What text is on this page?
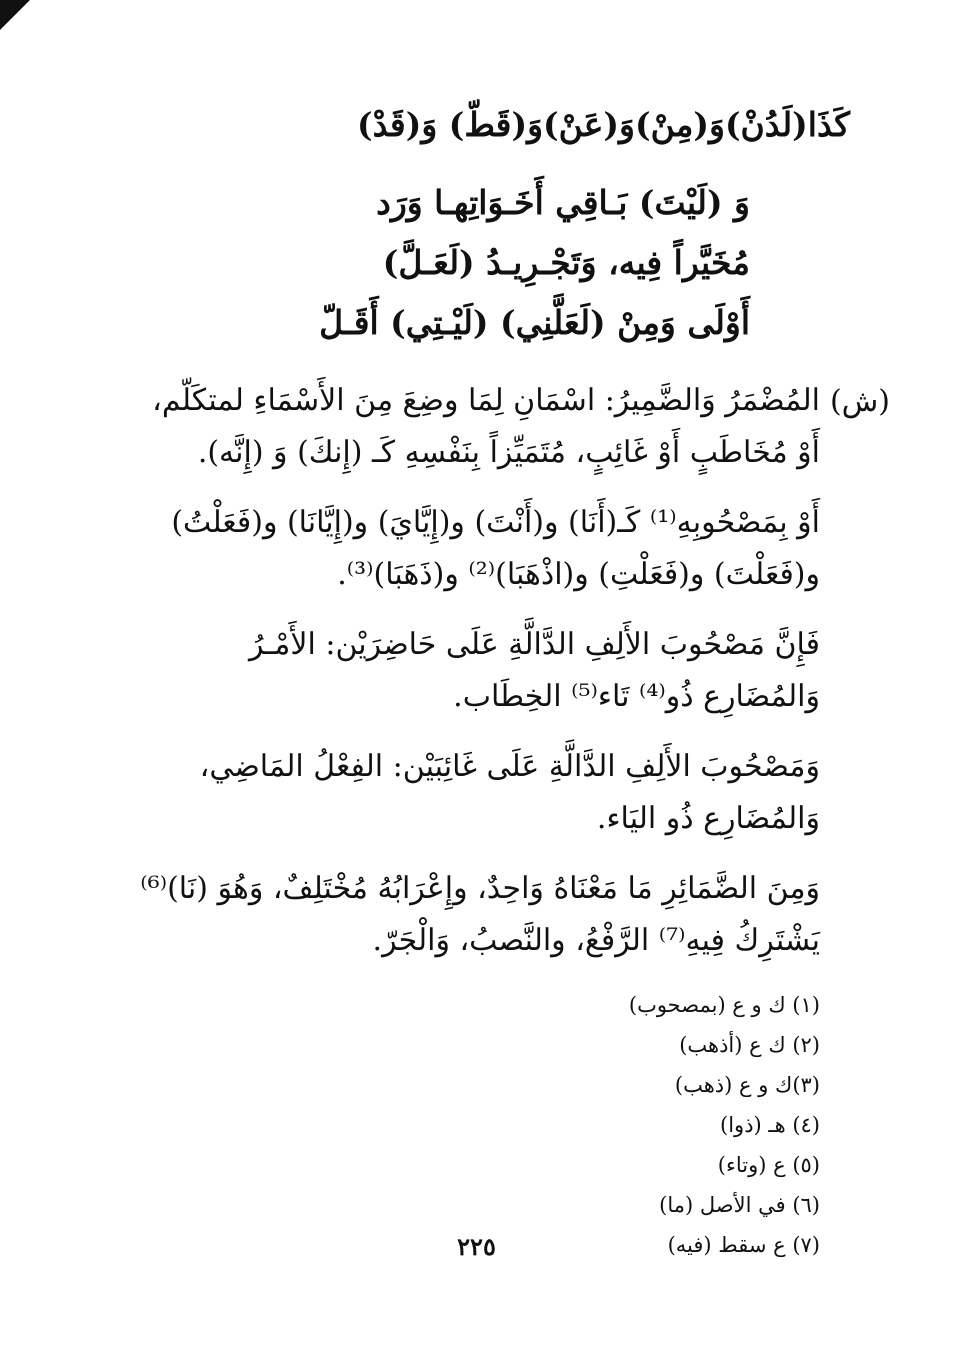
كَذَا(لَدُنْ)وَ(مِنْ)وَ(عَنْ)وَ(قَطّ) وَ(قَدْ)
وَ (لَيْتَ) بَـاقِي أَخَـوَاتِهـا وَرَد
مُخَيَّراً فِيه، وَتَجْـرِيـدُ (لَعَـلَّ)
أَوْلَى وَمِنْ (لَعَلَّنِي) (لَيْـتِي) أَقَـلّ
(ش)

المُضْمَرُ وَالضَّمِيرُ: اسْمَانِ لِمَا وضِعَ مِنَ الأَسْمَاءِ لمتكَلّم، أَوْ مُخَاطَبٍ أَوْ غَائِبٍ، مُتَمَيِّزاً بِنَفْسِهِ كَـ (إِنكَ) وَ (إِنَّه).

أَوْ بِمَصْحُوبِهِ⁽¹⁾ كَـ(أَنَا) و(أَنْتَ) و(إِيَّايَ) و(إِيَّانَا) و(فَعَلْتُ) و(فَعَلْتَ) و(فَعَلْتِ) و(اذْهَبَا)⁽²⁾ و(ذَهَبَا)⁽³⁾.

فَإِنَّ مَصْحُوبَ الأَلِفِ الدَّالَّةِ عَلَى حَاضِرَيْن: الأَمْـرُ وَالمُضَارِع ذُو⁽⁴⁾ تَاء⁽⁵⁾ الخِطَاب.

وَمَصْحُوبَ الأَلِفِ الدَّالَّةِ عَلَى غَائِبَيْن: الفِعْلُ المَاضِي، وَالمُضَارِع ذُو اليَاء.

وَمِنَ الضَّمَائِرِ مَا مَعْنَاهُ وَاحِدٌ، وإِعْرَابُهُ مُخْتَلِفٌ، وَهُوَ (نَا)⁽⁶⁾ يَشْتَرِكُ فِيهِ⁽⁷⁾ الرَّفْعُ، والنَّصبُ، وَالْجَرّ.

(١) ك و ع (بمصحوب)
(٢) ك ع (أذهب)
(٣)ك و ع (ذهب)
(٤) هـ (ذوا)
(٥) ع (وتاء)
(٦) في الأصل (ما)
(٧) ع سقط (فيه)
٢٢٥
